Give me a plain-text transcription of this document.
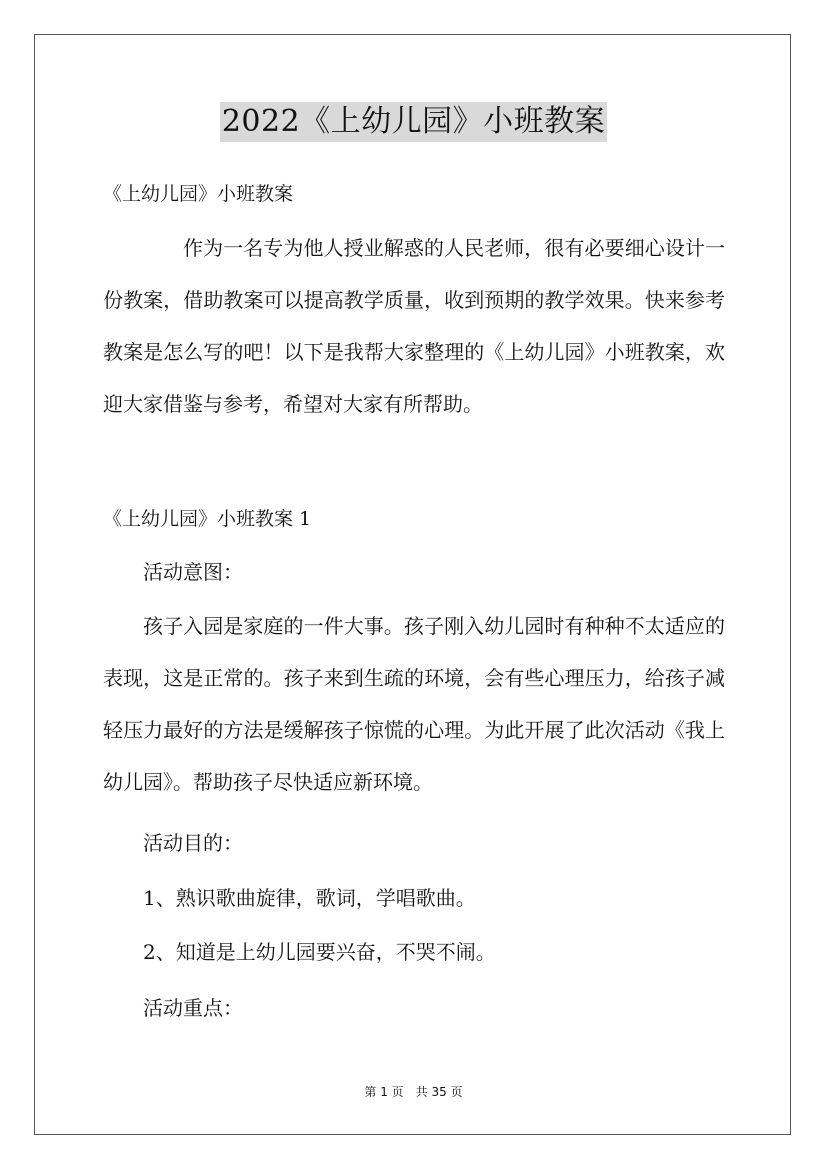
2022《上幼儿园》小班教案

《上幼儿园》小班教案

作为一名专为他人授业解惑的人民老师，很有必要细心设计一份教案，借助教案可以提高教学质量，收到预期的教学效果。快来参考教案是怎么写的吧！以下是我帮大家整理的《上幼儿园》小班教案，欢迎大家借鉴与参考，希望对大家有所帮助。

《上幼儿园》小班教案 1

活动意图：

孩子入园是家庭的一件大事。孩子刚入幼儿园时有种种不太适应的表现，这是正常的。孩子来到生疏的环境，会有些心理压力，给孩子减轻压力最好的方法是缓解孩子惊慌的心理。为此开展了此次活动《我上幼儿园》。帮助孩子尽快适应新环境。

活动目的：

1、熟识歌曲旋律，歌词，学唱歌曲。

2、知道是上幼儿园要兴奋，不哭不闹。

活动重点：

第 1 页　共 35 页
